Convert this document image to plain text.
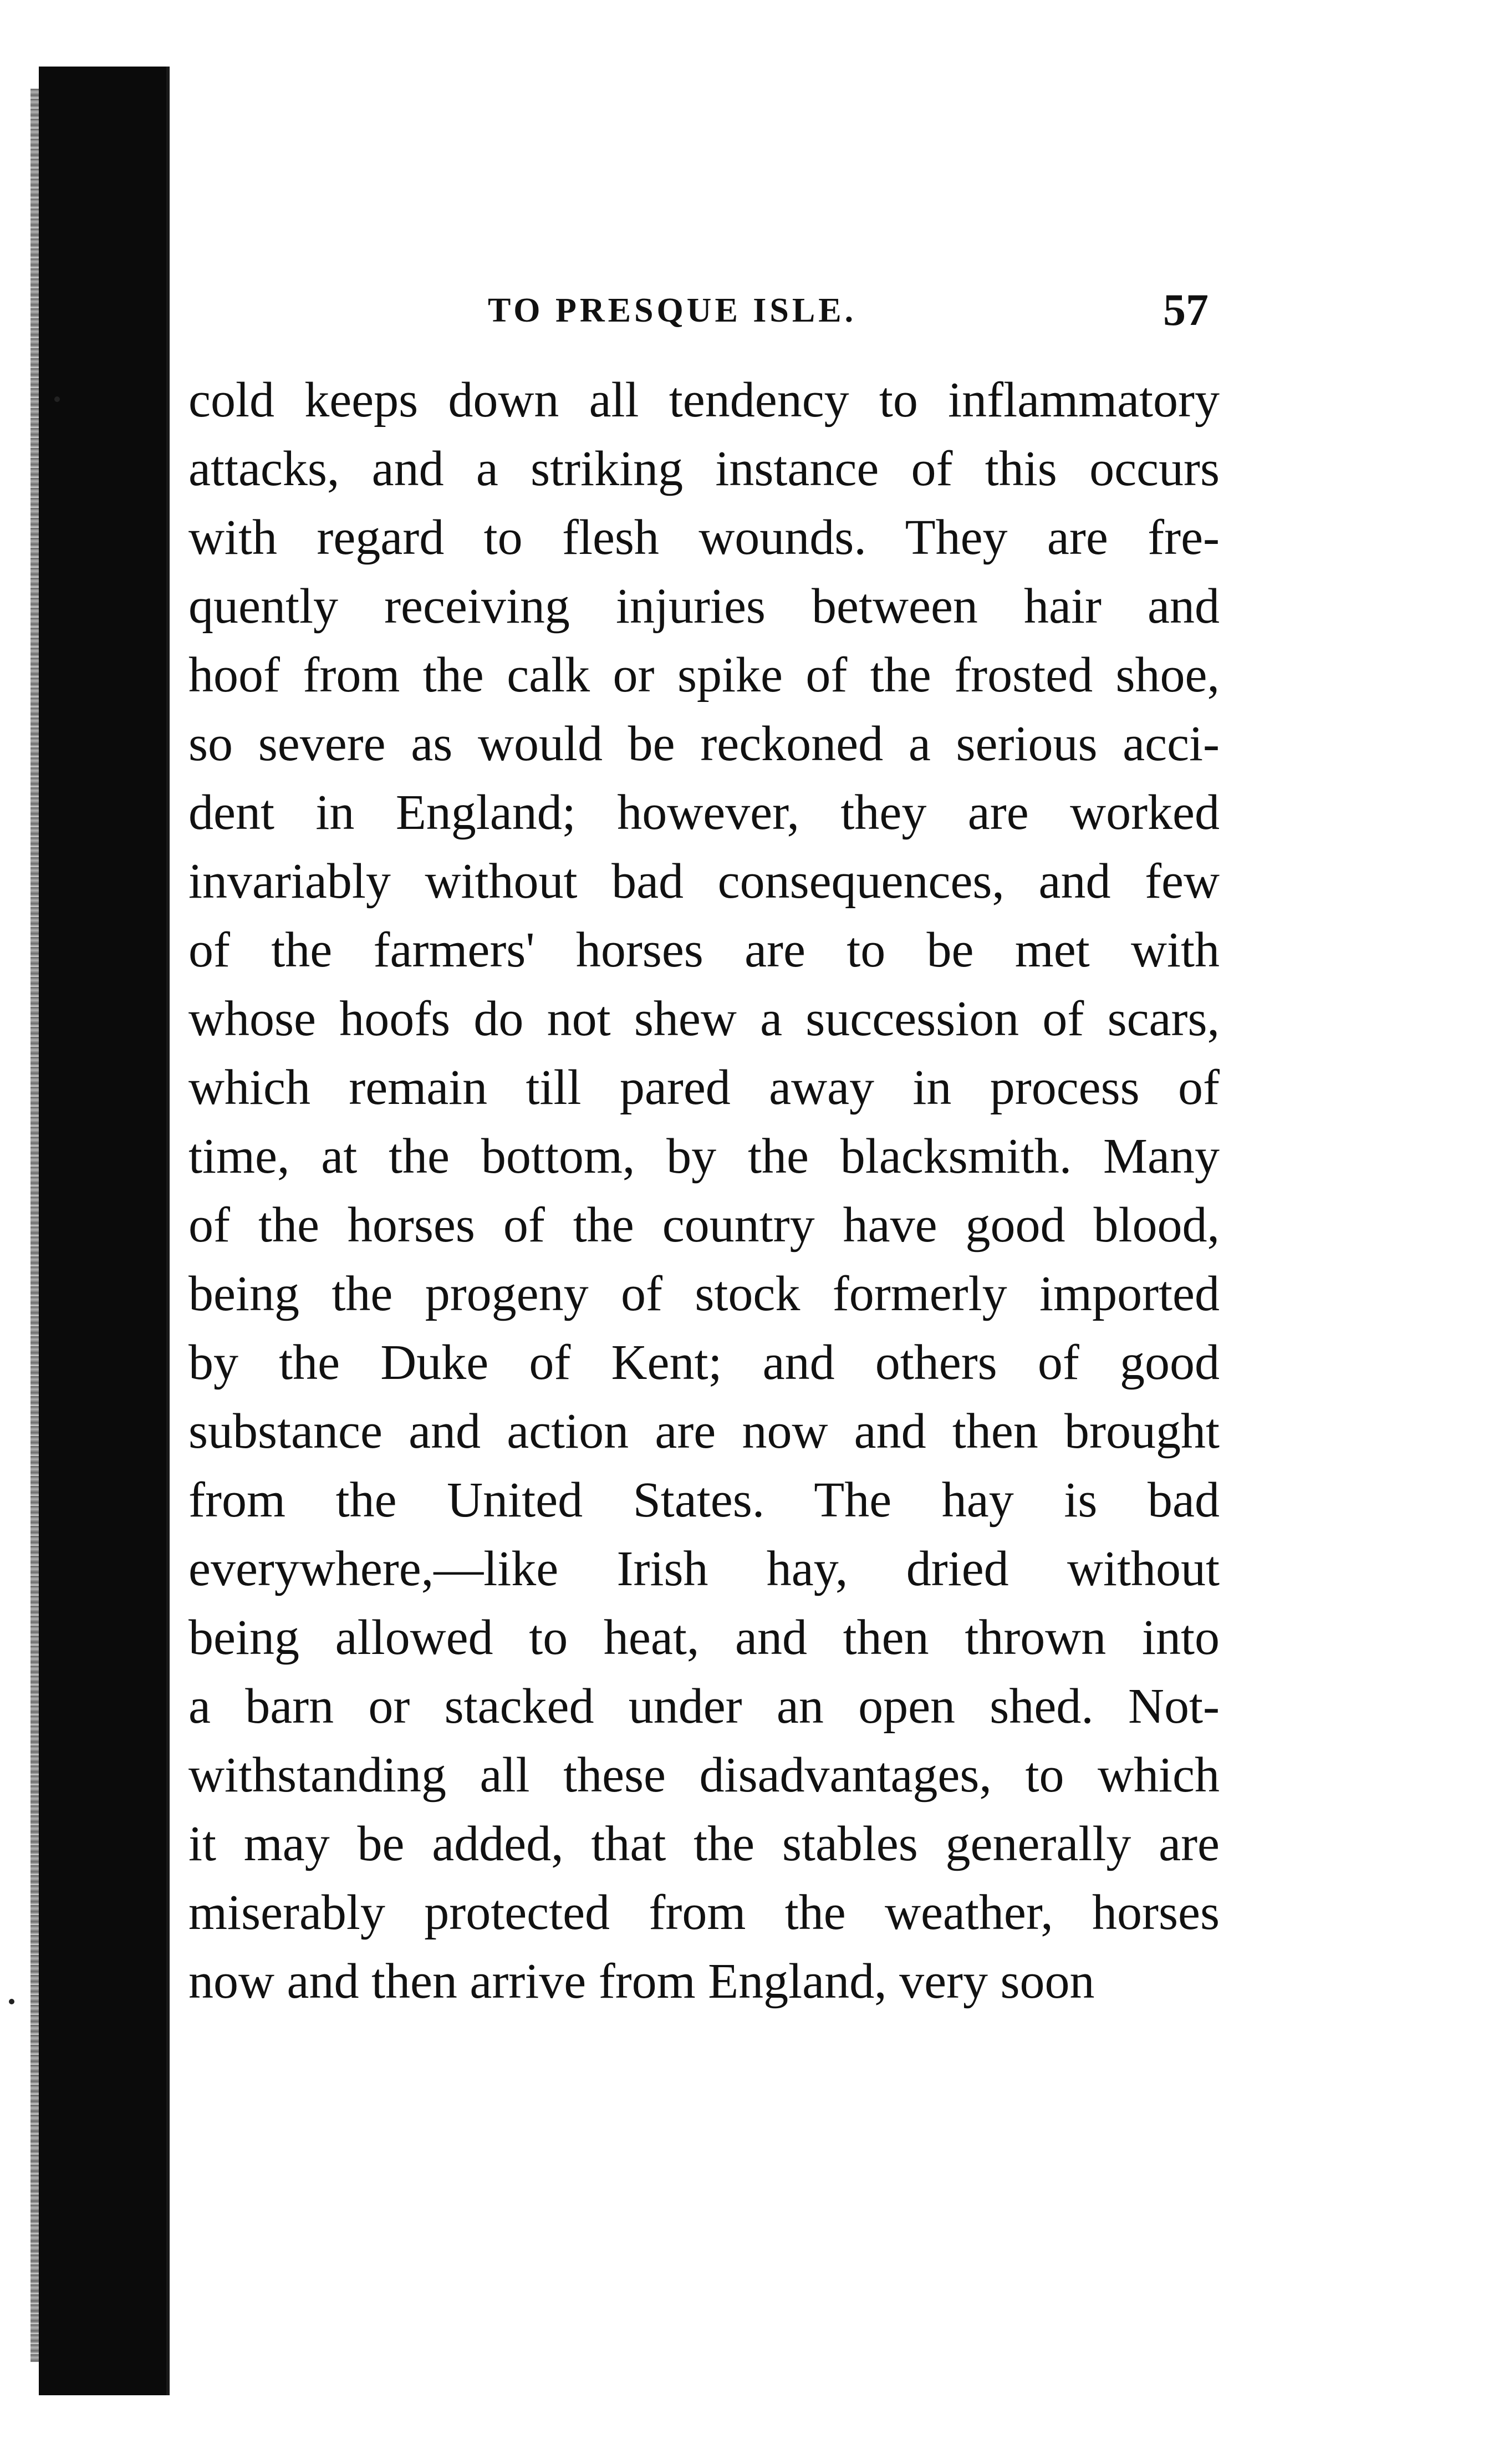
TO PRESQUE ISLE.	57
cold keeps down all tendency to inflammatory
attacks, and a striking instance of this occurs
with regard to flesh wounds. They are fre-
quently receiving injuries between hair and
hoof from the calk or spike of the frosted shoe,
so severe as would be reckoned a serious acci-
dent in England; however, they are worked
invariably without bad consequences, and few
of the farmers' horses are to be met with
whose hoofs do not shew a succession of scars,
which remain till pared away in process of
time, at the bottom, by the blacksmith. Many
of the horses of the country have good blood,
being the progeny of stock formerly imported
by the Duke of Kent; and others of good
substance and action are now and then brought
from the United States. The hay is bad
everywhere,—like Irish hay, dried without
being allowed to heat, and then thrown into
a barn or stacked under an open shed. Not-
withstanding all these disadvantages, to which
it may be added, that the stables generally are
miserably protected from the weather, horses
now and then arrive from England, very soon
